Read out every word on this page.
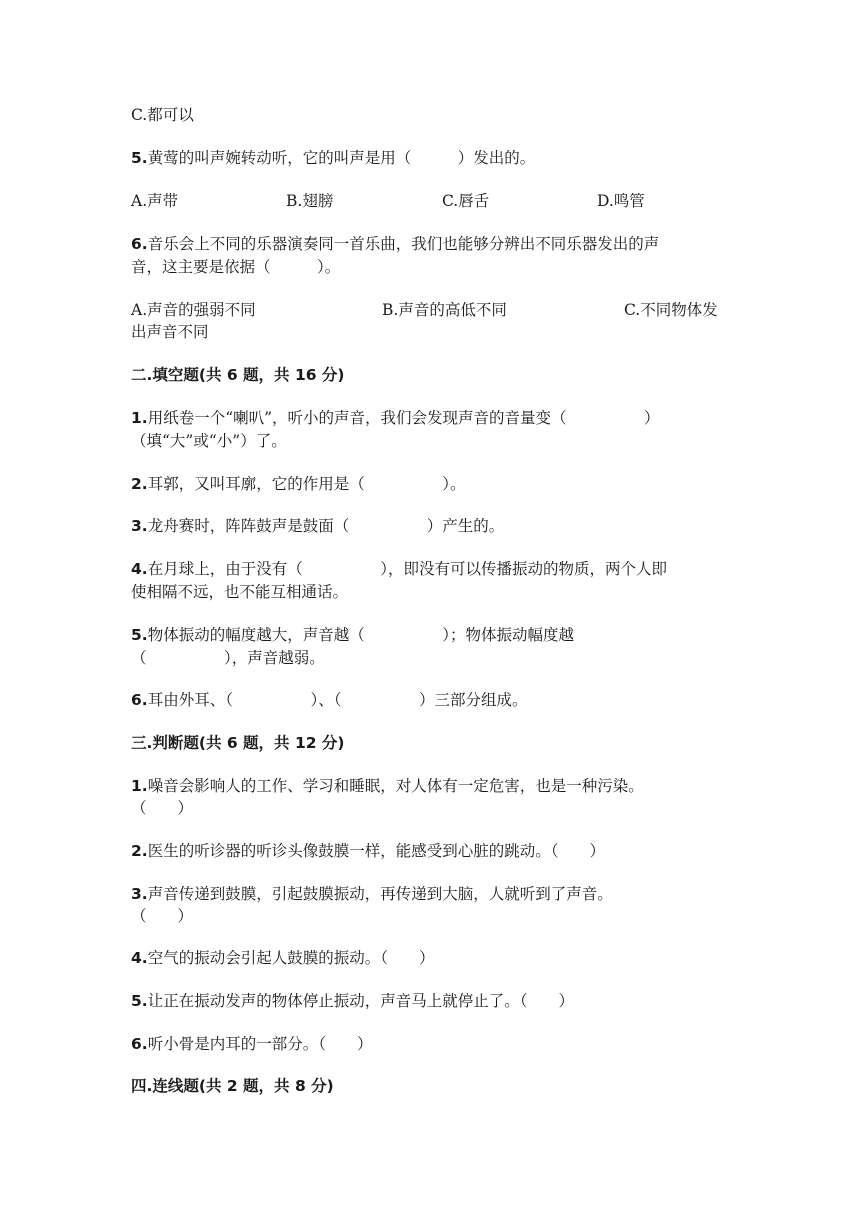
C.都可以
5.黄莺的叫声婉转动听，它的叫声是用（　　　）发出的。
A.声带	B.翅膀	C.唇舌	D.鸣管
6.音乐会上不同的乐器演奏同一首乐曲，我们也能够分辨出不同乐器发出的声
音，这主要是依据（　　　）。
A.声音的强弱不同	B.声音的高低不同	C.不同物体发
出声音不同
二.填空题(共 6 题，共 16 分)
1.用纸卷一个“喇叭”，听小的声音，我们会发现声音的音量变（　　　　　）
（填“大”或“小”）了。
2.耳郭，又叫耳廓，它的作用是（　　　　　）。
3.龙舟赛时，阵阵鼓声是鼓面（　　　　　）产生的。
4.在月球上，由于没有（　　　　　），即没有可以传播振动的物质，两个人即
使相隔不远，也不能互相通话。
5.物体振动的幅度越大，声音越（　　　　　）；物体振动幅度越
（　　　　　），声音越弱。
6.耳由外耳、（　　　　　）、（　　　　　）三部分组成。
三.判断题(共 6 题，共 12 分)
1.噪音会影响人的工作、学习和睡眠，对人体有一定危害，也是一种污染。
（　　）
2.医生的听诊器的听诊头像鼓膜一样，能感受到心脏的跳动。（　　）
3.声音传递到鼓膜，引起鼓膜振动，再传递到大脑，人就听到了声音。
（　　）
4.空气的振动会引起人鼓膜的振动。（　　）
5.让正在振动发声的物体停止振动，声音马上就停止了。（　　）
6.听小骨是内耳的一部分。（　　）
四.连线题(共 2 题，共 8 分)
